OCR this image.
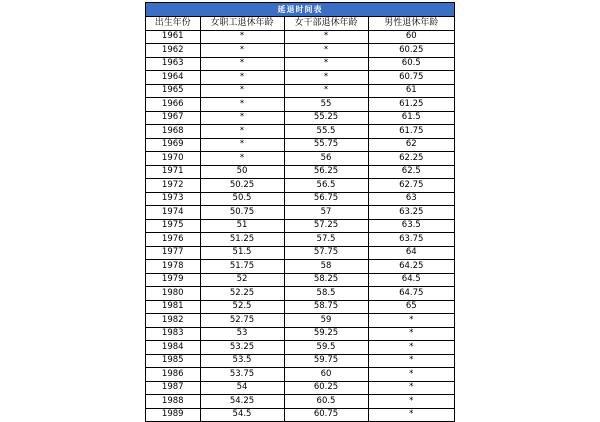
延退时间表
出生年份	女职工退休年龄	女干部退休年龄	男性退休年龄
1961	*	*	60
1962	*	*	60.25
1963	*	*	60.5
1964	*	*	60.75
1965	*	*	61
1966	*	55	61.25
1967	*	55.25	61.5
1968	*	55.5	61.75
1969	*	55.75	62
1970	*	56	62.25
1971	50	56.25	62.5
1972	50.25	56.5	62.75
1973	50.5	56.75	63
1974	50.75	57	63.25
1975	51	57.25	63.5
1976	51.25	57.5	63.75
1977	51.5	57.75	64
1978	51.75	58	64.25
1979	52	58.25	64.5
1980	52.25	58.5	64.75
1981	52.5	58.75	65
1982	52.75	59	*
1983	53	59.25	*
1984	53.25	59.5	*
1985	53.5	59.75	*
1986	53.75	60	*
1987	54	60.25	*
1988	54.25	60.5	*
1989	54.5	60.75	*
